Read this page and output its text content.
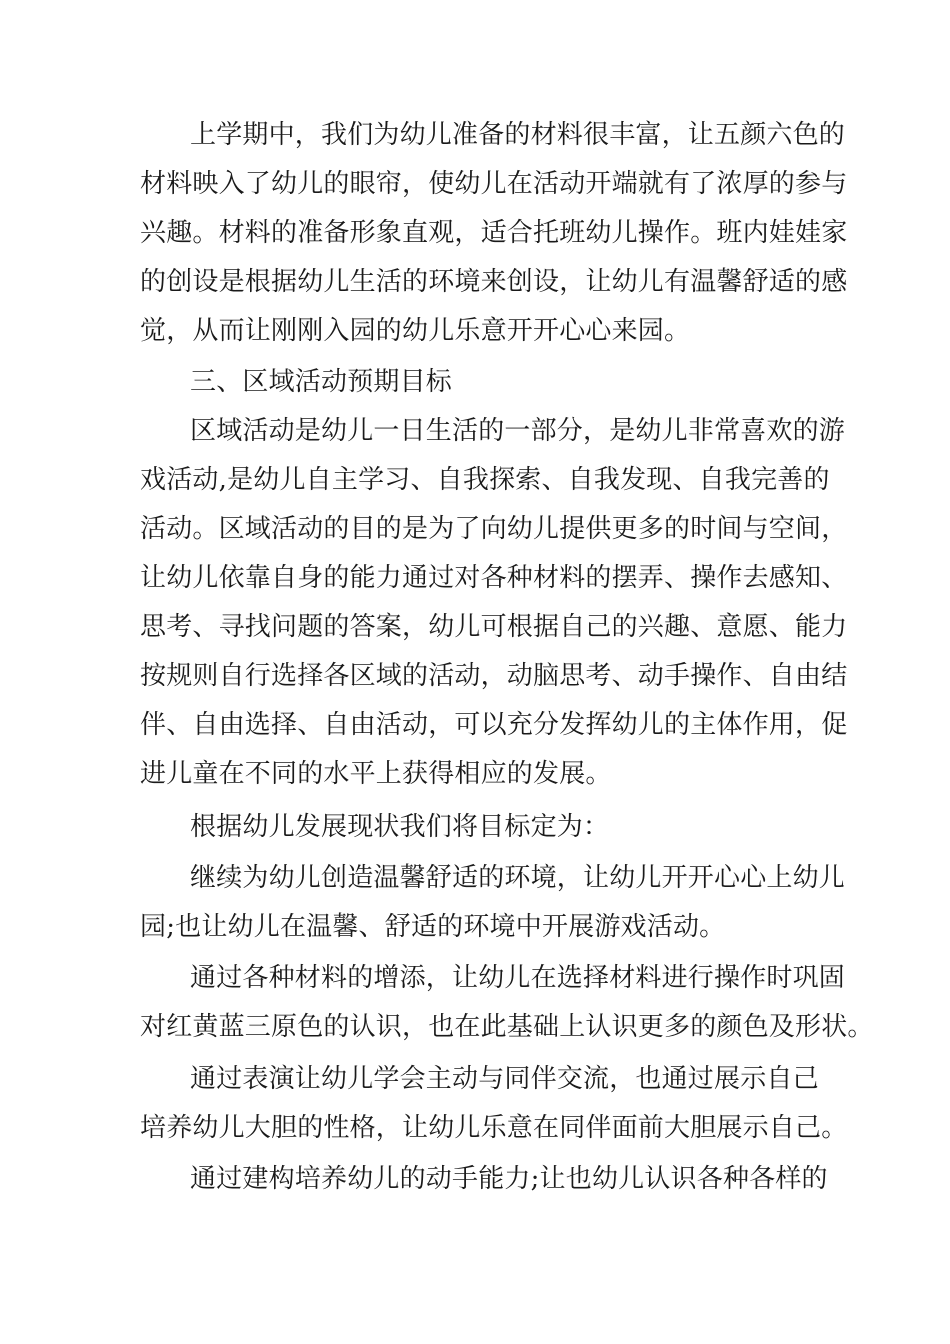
上学期中，我们为幼儿准备的材料很丰富，让五颜六色的

材料映入了幼儿的眼帘，使幼儿在活动开端就有了浓厚的参与

兴趣。材料的准备形象直观，适合托班幼儿操作。班内娃娃家

的创设是根据幼儿生活的环境来创设，让幼儿有温馨舒适的感

觉，从而让刚刚入园的幼儿乐意开开心心来园。

三、区域活动预期目标

区域活动是幼儿一日生活的一部分，是幼儿非常喜欢的游

戏活动,是幼儿自主学习、自我探索、自我发现、自我完善的

活动。区域活动的目的是为了向幼儿提供更多的时间与空间，

让幼儿依靠自身的能力通过对各种材料的摆弄、操作去感知、

思考、寻找问题的答案，幼儿可根据自己的兴趣、意愿、能力

按规则自行选择各区域的活动，动脑思考、动手操作、自由结

伴、自由选择、自由活动，可以充分发挥幼儿的主体作用，促

进儿童在不同的水平上获得相应的发展。

根据幼儿发展现状我们将目标定为：

继续为幼儿创造温馨舒适的环境，让幼儿开开心心上幼儿

园;也让幼儿在温馨、舒适的环境中开展游戏活动。

通过各种材料的增添，让幼儿在选择材料进行操作时巩固

对红黄蓝三原色的认识，也在此基础上认识更多的颜色及形状。

通过表演让幼儿学会主动与同伴交流，也通过展示自己

培养幼儿大胆的性格，让幼儿乐意在同伴面前大胆展示自己。

通过建构培养幼儿的动手能力;让也幼儿认识各种各样的
